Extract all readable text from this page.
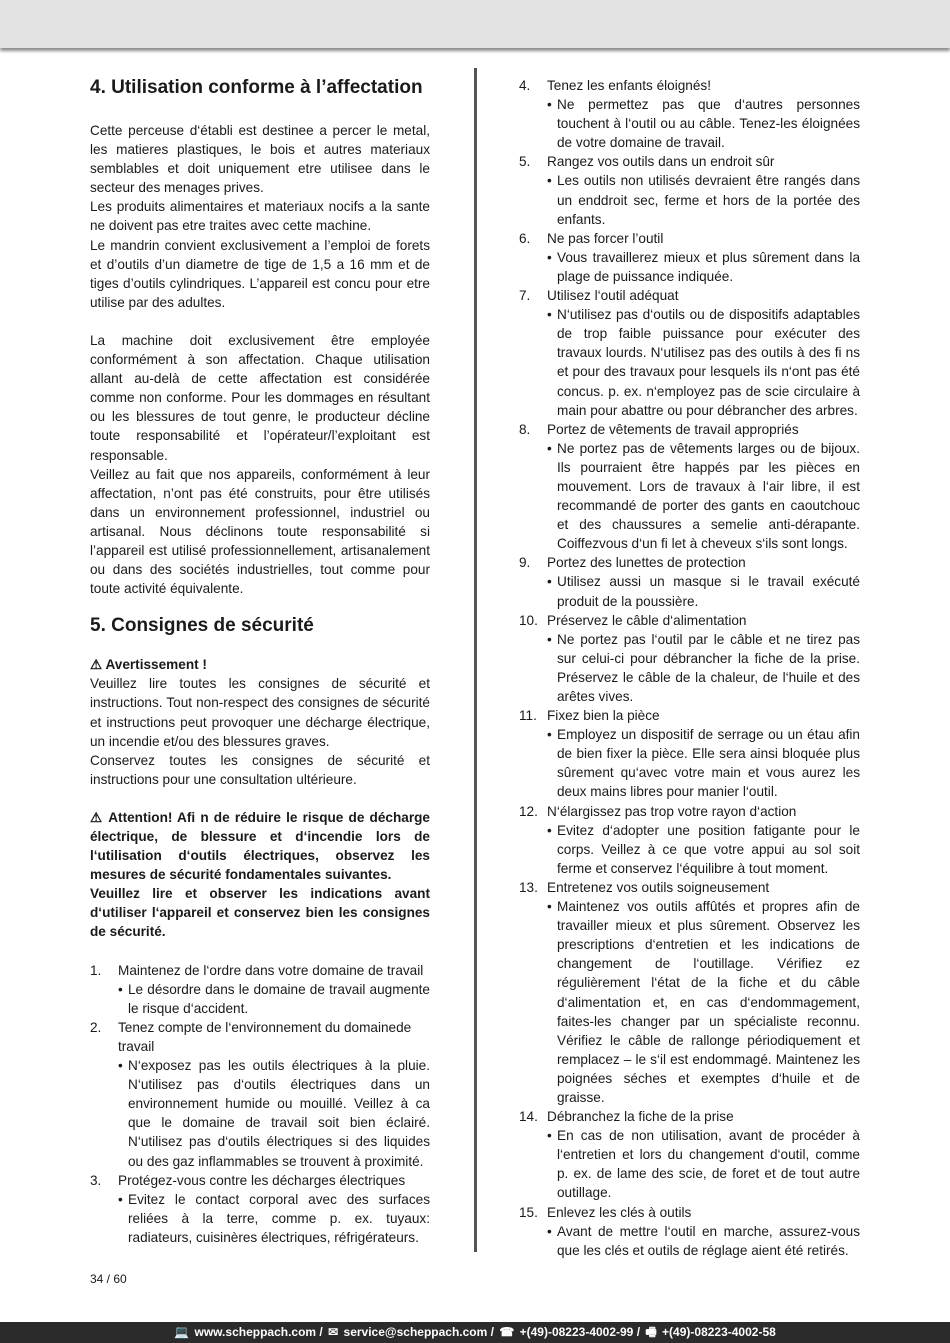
4. Utilisation conforme à l’affectation

Cette perceuse d‘établi est destinee a percer le metal, les matieres plastiques, le bois et autres materiaux semblables et doit uniquement etre utilisee dans le secteur des menages prives.

Les produits alimentaires et materiaux nocifs a la sante ne doivent pas etre traites avec cette machine.

Le mandrin convient exclusivement a l’emploi de forets et d’outils d’un diametre de tige de 1,5 a 16 mm et de tiges d’outils cylindriques. L’appareil est concu pour etre utilise par des adultes.

La machine doit exclusivement être employée conformément à son affectation. Chaque utilisation allant au-delà de cette affectation est considérée comme non conforme. Pour les dommages en résultant ou les blessures de tout genre, le producteur décline toute responsabilité et l’opérateur/l’exploitant est responsable.

Veillez au fait que nos appareils, conformément à leur affectation, n’ont pas été construits, pour être utilisés dans un environnement professionnel, industriel ou artisanal. Nous déclinons toute responsabilité si l’appareil est utilisé professionnellement, artisanalement ou dans des sociétés industrielles, tout comme pour toute activité équivalente.

5. Consignes de sécurité

⚠ Avertissement !

Veuillez lire toutes les consignes de sécurité et instructions. Tout non-respect des consignes de sécurité et instructions peut provoquer une décharge électrique, un incendie et/ou des blessures graves.

Conservez toutes les consignes de sécurité et instructions pour une consultation ultérieure.

⚠ Attention! Afi n de réduire le risque de décharge électrique, de blessure et d‘incendie lors de l‘utilisation d‘outils électriques, observez les mesures de sécurité fondamentales suivantes.

Veuillez lire et observer les indications avant d‘utiliser l‘appareil et conservez bien les consignes de sécurité.

1.	Maintenez de l‘ordre dans votre domaine de travail
• Le désordre dans le domaine de travail augmente le risque d‘accident.
2.	Tenez compte de l‘environnement du domainede travail
• N‘exposez pas les outils électriques à la pluie. N‘utilisez pas d‘outils électriques dans un environnement humide ou mouillé. Veillez à ca que le domaine de travail soit bien éclairé. N‘utilisez pas d‘outils électriques si des liquides ou des gaz inflammables se trouvent à proximité.
3.	Protégez-vous contre les décharges électriques
• Evitez le contact corporal avec des surfaces reliées à la terre, comme p. ex. tuyaux: radiateurs, cuisinères électriques, réfrigérateurs.
4.	Tenez les enfants éloignés!
• Ne permettez pas que d‘autres personnes touchent à l‘outil ou au câble. Tenez-les éloignées de votre domaine de travail.
5.	Rangez vos outils dans un endroit sûr
• Les outils non utilisés devraient être rangés dans un enddroit sec, ferme et hors de la portée des enfants.
6.	Ne pas forcer l’outil
• Vous travaillerez mieux et plus sûrement dans la plage de puissance indiquée.
7.	Utilisez l‘outil adéquat
• N‘utilisez pas d‘outils ou de dispositifs adaptables de trop faible puissance pour exécuter des travaux lourds. N‘utilisez pas des outils à des fi ns et pour des travaux pour lesquels ils n‘ont pas été concus. p. ex. n‘employez pas de scie circulaire à main pour abattre ou pour débrancher des arbres.
8.	Portez de vêtements de travail appropriés
• Ne portez pas de vêtements larges ou de bijoux. Ils pourraient être happés par les pièces en mouvement. Lors de travaux à l‘air libre, il est recommandé de porter des gants en caoutchouc et des chaussures a semelie anti-dérapante. Coiffezvous d‘un fi let à cheveux s‘ils sont longs.
9.	Portez des lunettes de protection
• Utilisez aussi un masque si le travail exécuté produit de la poussière.
10. Préservez le câble d‘alimentation
• Ne portez pas l‘outil par le câble et ne tirez pas sur celui-ci pour débrancher la fiche de la prise. Préservez le câble de la chaleur, de l‘huile et des arêtes vives.
11. Fixez bien la pièce
• Employez un dispositif de serrage ou un étau afin de bien fixer la pièce. Elle sera ainsi bloquée plus sûrement qu‘avec votre main et vous aurez les deux mains libres pour manier l‘outil.
12. N‘élargissez pas trop votre rayon d‘action
• Evitez d‘adopter une position fatigante pour le corps. Veillez à ce que votre appui au sol soit ferme et conservez l‘équilibre à tout moment.
13. Entretenez vos outils soigneusement
• Maintenez vos outils affûtés et propres afin de travailler mieux et plus sûrement. Observez les prescriptions d‘entretien et les indications de changement de l‘outillage. Vérifiez ez régulièrement l‘état de la fiche et du câble d‘alimentation et, en cas d‘endommagement, faites-les changer par un spécialiste reconnu. Vérifiez le câble de rallonge périodiquement et remplacez – le s‘il est endommagé. Maintenez les poignées séches et exemptes d‘huile et de graisse.
14. Débranchez la fiche de la prise
• En cas de non utilisation, avant de procéder à l‘entretien et lors du changement d‘outil, comme p. ex. de lame des scie, de foret et de tout autre outillage.
15. Enlevez les clés à outils
• Avant de mettre l‘outil en marche, assurez-vous que les clés et outils de réglage aient été retirés.
34 / 60
💻 www.scheppach.com / ✉ service@scheppach.com / ☎ +(49)-08223-4002-99 / 🖷 +(49)-08223-4002-58
